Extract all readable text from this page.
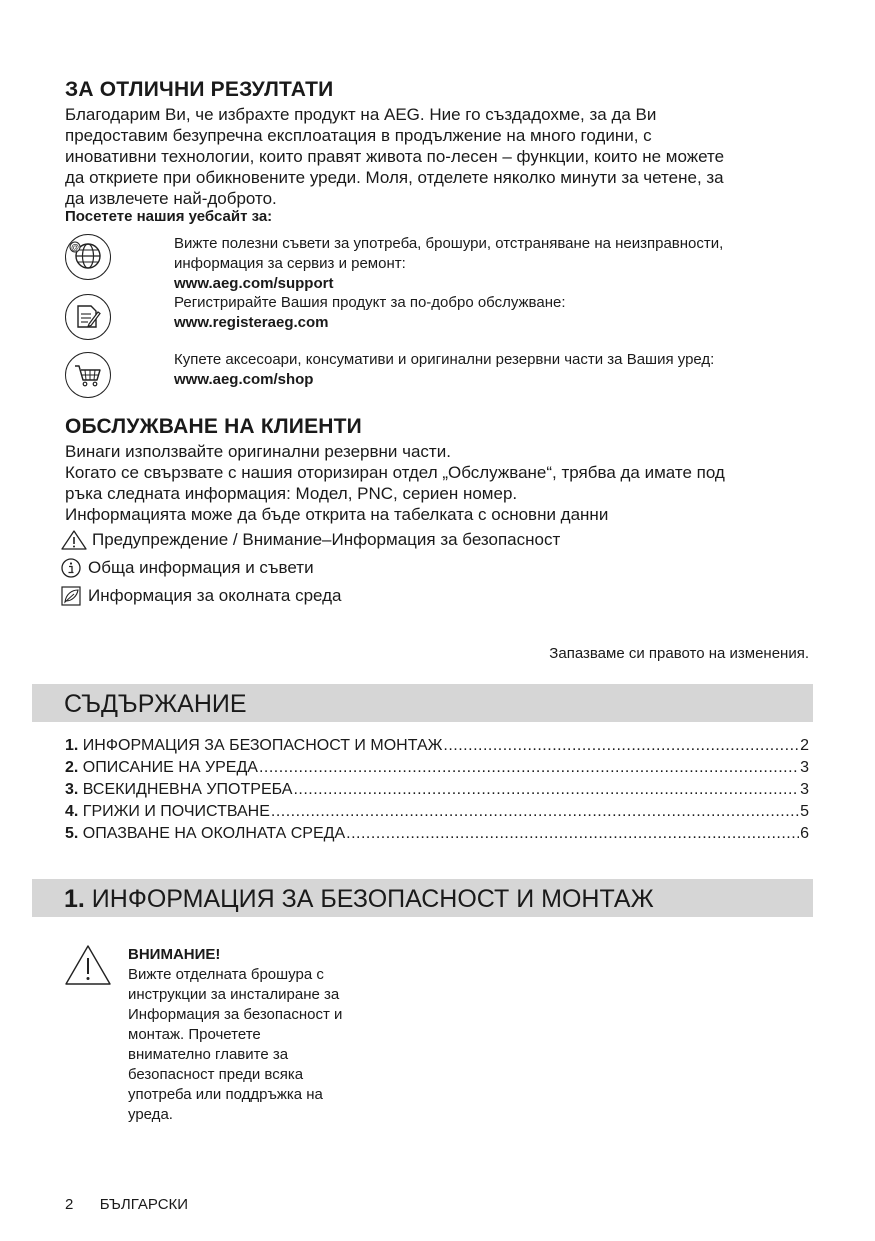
ЗА ОТЛИЧНИ РЕЗУЛТАТИ
Благодарим Ви, че избрахте продукт на AEG. Ние го създадохме, за да Ви
предоставим безупречна експлоатация в продължение на много години, с
иновативни технологии, които правят живота по-лесен – функции, които не можете
да откриете при обикновените уреди. Моля, отделете няколко минути за четене, за
да извлечете най-доброто.
Посетете нашия уебсайт за:
@	Вижте полезни съвети за употреба, брошури, отстраняване на неизправности,
информация за сервиз и ремонт:
www.aeg.com/support
Регистрирайте Вашия продукт за по-добро обслужване:
www.registeraeg.com
Купете аксесоари, консумативи и оригинални резервни части за Вашия уред:
www.aeg.com/shop
ОБСЛУЖВАНЕ НА КЛИЕНТИ
Винаги използвайте оригинални резервни части.
Когато се свързвате с нашия оторизиран отдел „Обслужване“, трябва да имате под
ръка следната информация: Модел, PNC, сериен номер.
Информацията може да бъде открита на табелката с основни данни
Предупреждение / Внимание–Информация за безопасност
Обща информация и съвети
Информация за околната среда
Запазваме си правото на изменения.
СЪДЪРЖАНИЕ
1. ИНФОРМАЦИЯ ЗА БЕЗОПАСНОСТ И МОНТАЖ .....	2
2. ОПИСАНИЕ НА УРЕДА .....	3
3. ВСЕКИДНЕВНА УПОТРЕБА .....	3
4. ГРИЖИ И ПОЧИСТВАНЕ .....	5
5. ОПАЗВАНЕ НА ОКОЛНАТА СРЕДА .....	6
1. ИНФОРМАЦИЯ ЗА БЕЗОПАСНОСТ И МОНТАЖ
ВНИМАНИЕ!
Вижте отделната брошура с
инструкции за инсталиране за
Информация за безопасност и
монтаж. Прочетете
внимателно главите за
безопасност преди всяка
употреба или поддръжка на
уреда.
2 БЪЛГАРСКИ
